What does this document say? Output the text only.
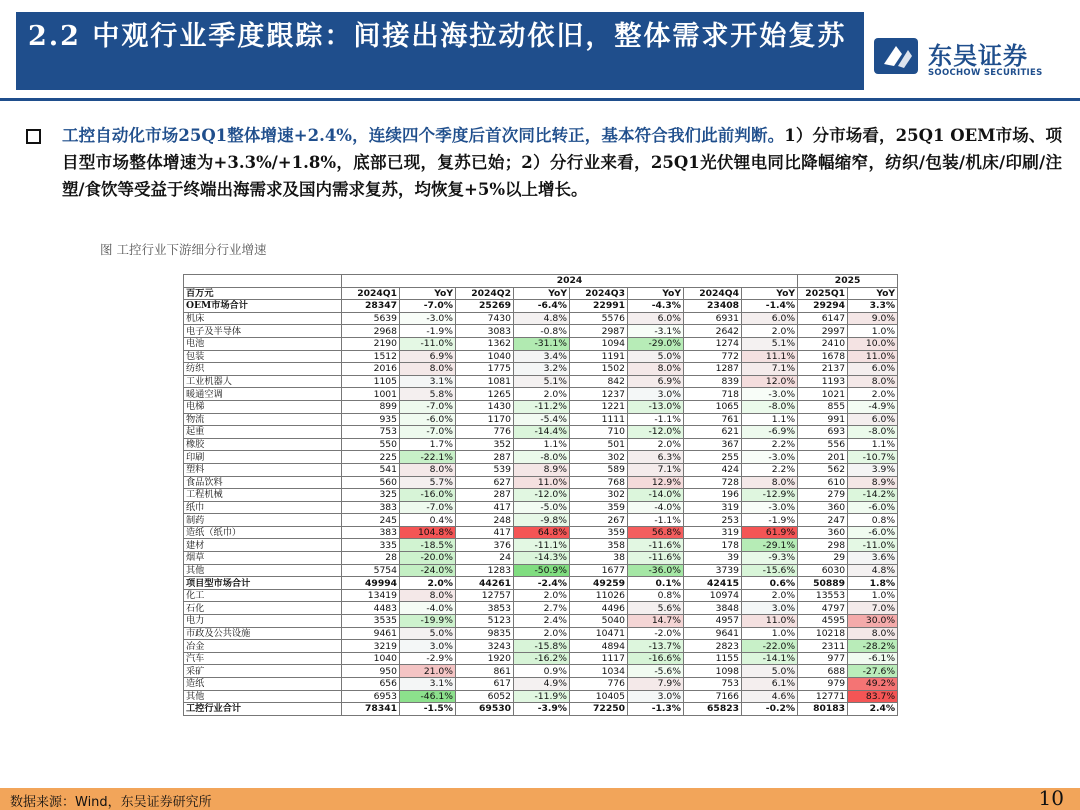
2.2 中观行业季度跟踪：间接出海拉动依旧，整体需求开始复苏
东吴证券
SOOCHOW SECURITIES
工控自动化市场25Q1整体增速+2.4%，连续四个季度后首次同比转正，基本符合我们此前判断。1）分市场看，25Q1 OEM市场、项目型市场整体增速为+3.3%/+1.8%，底部已现，复苏已始；2）分行业来看，25Q1光伏锂电同比降幅缩窄，纺织/包装/机床/印刷/注塑/食饮等受益于终端出海需求及国内需求复苏，均恢复+5%以上增长。
图 工控行业下游细分行业增速
	2024								2025	
百万元	2024Q1	YoY	2024Q2	YoY	2024Q3	YoY	2024Q4	YoY	2025Q1	YoY
OEM市场合计	28347	-7.0%	25269	-6.4%	22991	-4.3%	23408	-1.4%	29294	3.3%
机床	5639	-3.0%	7430	4.8%	5576	6.0%	6931	6.0%	6147	9.0%
电子及半导体	2968	-1.9%	3083	-0.8%	2987	-3.1%	2642	2.0%	2997	1.0%
电池	2190	-11.0%	1362	-31.1%	1094	-29.0%	1274	5.1%	2410	10.0%
包装	1512	6.9%	1040	3.4%	1191	5.0%	772	11.1%	1678	11.0%
纺织	2016	8.0%	1775	3.2%	1502	8.0%	1287	7.1%	2137	6.0%
工业机器人	1105	3.1%	1081	5.1%	842	6.9%	839	12.0%	1193	8.0%
暖通空调	1001	5.8%	1265	2.0%	1237	3.0%	718	-3.0%	1021	2.0%
电梯	899	-7.0%	1430	-11.2%	1221	-13.0%	1065	-8.0%	855	-4.9%
物流	935	-6.0%	1170	-5.4%	1111	-1.1%	761	1.1%	991	6.0%
起重	753	-7.0%	776	-14.4%	710	-12.0%	621	-6.9%	693	-8.0%
橡胶	550	1.7%	352	1.1%	501	2.0%	367	2.2%	556	1.1%
印刷	225	-22.1%	287	-8.0%	302	6.3%	255	-3.0%	201	-10.7%
塑料	541	8.0%	539	8.9%	589	7.1%	424	2.2%	562	3.9%
食品饮料	560	5.7%	627	11.0%	768	12.9%	728	8.0%	610	8.9%
工程机械	325	-16.0%	287	-12.0%	302	-14.0%	196	-12.9%	279	-14.2%
纸巾	383	-7.0%	417	-5.0%	359	-4.0%	319	-3.0%	360	-6.0%
制药	245	0.4%	248	-9.8%	267	-1.1%	253	-1.9%	247	0.8%
造纸（纸巾）	383	104.8%	417	64.8%	359	56.8%	319	61.9%	360	-6.0%
建材	335	-18.5%	376	-11.1%	358	-11.6%	178	-29.1%	298	-11.0%
烟草	28	-20.0%	24	-14.3%	38	-11.6%	39	-9.3%	29	3.6%
其他	5754	-24.0%	1283	-50.9%	1677	-36.0%	3739	-15.6%	6030	4.8%
项目型市场合计	49994	2.0%	44261	-2.4%	49259	0.1%	42415	0.6%	50889	1.8%
化工	13419	8.0%	12757	2.0%	11026	0.8%	10974	2.0%	13553	1.0%
石化	4483	-4.0%	3853	2.7%	4496	5.6%	3848	3.0%	4797	7.0%
电力	3535	-19.9%	5123	2.4%	5040	14.7%	4957	11.0%	4595	30.0%
市政及公共设施	9461	5.0%	9835	2.0%	10471	-2.0%	9641	1.0%	10218	8.0%
冶金	3219	3.0%	3243	-15.8%	4894	-13.7%	2823	-22.0%	2311	-28.2%
汽车	1040	-2.9%	1920	-16.2%	1117	-16.6%	1155	-14.1%	977	-6.1%
采矿	950	21.0%	861	0.9%	1034	-5.6%	1098	5.0%	688	-27.6%
造纸	656	3.1%	617	4.9%	776	7.9%	753	6.1%	979	49.2%
其他	6953	-46.1%	6052	-11.9%	10405	3.0%	7166	4.6%	12771	83.7%
工控行业合计	78341	-1.5%	69530	-3.9%	72250	-1.3%	65823	-0.2%	80183	2.4%
数据来源：Wind，东吴证券研究所	10
